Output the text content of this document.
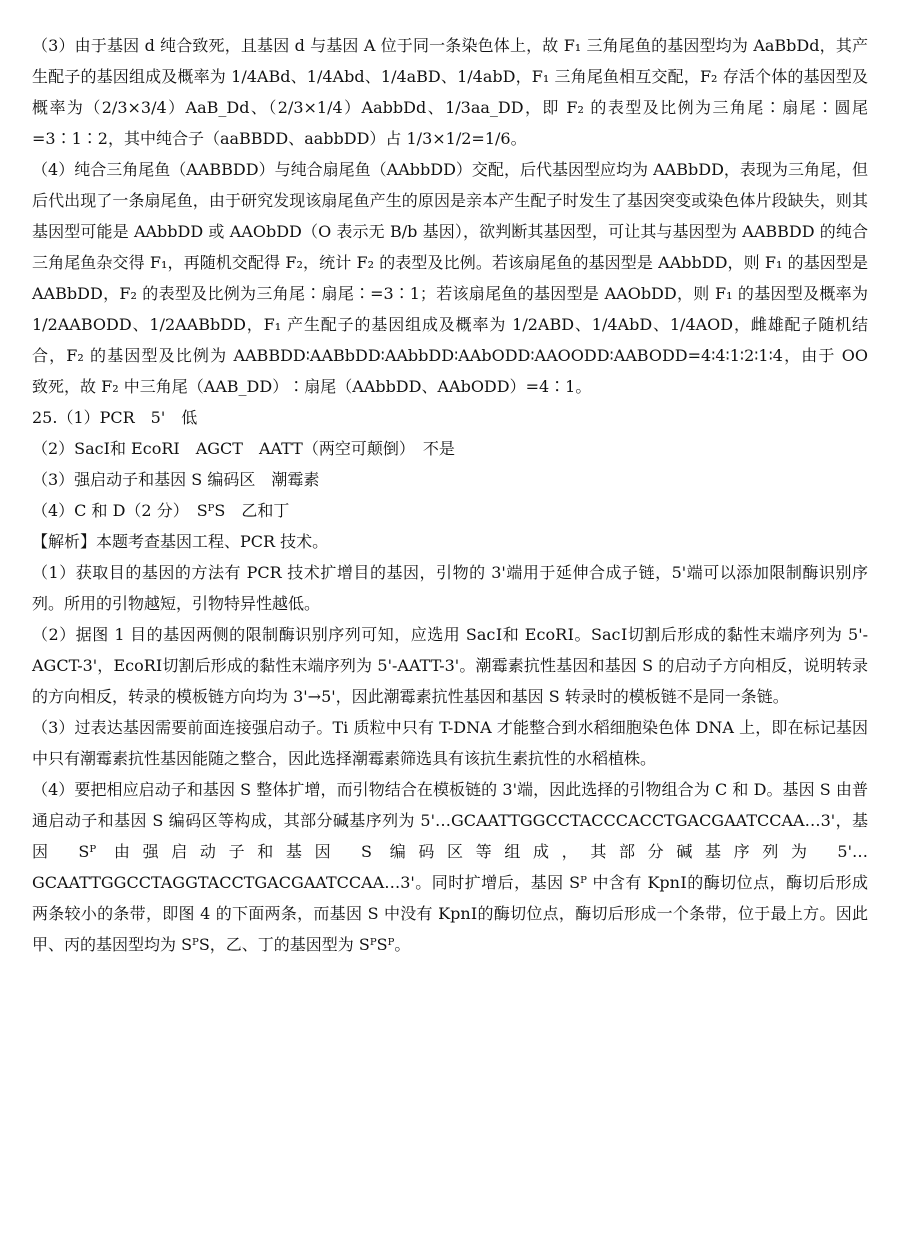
（3）由于基因 d 纯合致死，且基因 d 与基因 A 位于同一条染色体上，故 F₁ 三角尾鱼的基因型均为 AaBbDd，其产生配子的基因组成及概率为 1/4ABd、1/4Abd、1/4aBD、1/4abD，F₁ 三角尾鱼相互交配，F₂ 存活个体的基因型及概率为（2/3×3/4）AaB_Dd、（2/3×1/4）AabbDd、1/3aa_DD，即 F₂ 的表型及比例为三角尾∶扇尾∶圆尾=3∶1∶2，其中纯合子（aaBBDD、aabbDD）占 1/3×1/2=1/6。

（4）纯合三角尾鱼（AABBDD）与纯合扇尾鱼（AAbbDD）交配，后代基因型应均为 AABbDD，表现为三角尾，但后代出现了一条扇尾鱼，由于研究发现该扇尾鱼产生的原因是亲本产生配子时发生了基因突变或染色体片段缺失，则其基因型可能是 AAbbDD 或 AAObDD（O 表示无 B/b 基因），欲判断其基因型，可让其与基因型为 AABBDD 的纯合三角尾鱼杂交得 F₁，再随机交配得 F₂，统计 F₂ 的表型及比例。若该扇尾鱼的基因型是 AAbbDD，则 F₁ 的基因型是 AABbDD，F₂ 的表型及比例为三角尾∶扇尾∶=3∶1；若该扇尾鱼的基因型是 AAObDD，则 F₁ 的基因型及概率为 1/2AABODD、1/2AABbDD，F₁ 产生配子的基因组成及概率为 1/2ABD、1/4AbD、1/4AOD，雌雄配子随机结合，F₂ 的基因型及比例为 AABBDD∶AABbDD∶AAbbDD∶AAbODD∶AAOODD∶AABODD=4∶4∶1∶2∶1∶4，由于 OO 致死，故 F₂ 中三角尾（AAB_DD）∶扇尾（AAbbDD、AAbODD）=4∶1。

25.（1）PCR　5'　低

（2）SacⅠ和 EcoRⅠ　AGCT　AATT（两空可颠倒）　不是

（3）强启动子和基因 S 编码区　潮霉素

（4）C 和 D（2 分）　SᴾS　乙和丁

【解析】本题考查基因工程、PCR 技术。

（1）获取目的基因的方法有 PCR 技术扩增目的基因，引物的 3'端用于延伸合成子链，5'端可以添加限制酶识别序列。所用的引物越短，引物特异性越低。

（2）据图 1 目的基因两侧的限制酶识别序列可知，应选用 SacⅠ和 EcoRⅠ。SacⅠ切割后形成的黏性末端序列为 5'-AGCT-3'，EcoRⅠ切割后形成的黏性末端序列为 5'-AATT-3'。潮霉素抗性基因和基因 S 的启动子方向相反，说明转录的方向相反，转录的模板链方向均为 3'→5'，因此潮霉素抗性基因和基因 S 转录时的模板链不是同一条链。

（3）过表达基因需要前面连接强启动子。Ti 质粒中只有 T-DNA 才能整合到水稻细胞染色体 DNA 上，即在标记基因中只有潮霉素抗性基因能随之整合，因此选择潮霉素筛选具有该抗生素抗性的水稻植株。

（4）要把相应启动子和基因 S 整体扩增，而引物结合在模板链的 3'端，因此选择的引物组合为 C 和 D。基因 S 由普通启动子和基因 S 编码区等构成，其部分碱基序列为 5'…GCAATTGGCCTACCCACCTGACGAATCCAA…3'，基因 Sᴾ 由强启动子和基因 S 编码区等组成，其部分碱基序列为 5'…GCAATTGGCCTAGGTACCTGACGAATCCAA…3'。同时扩增后，基因 Sᴾ 中含有 KpnⅠ的酶切位点，酶切后形成两条较小的条带，即图 4 的下面两条，而基因 S 中没有 KpnⅠ的酶切位点，酶切后形成一个条带，位于最上方。因此甲、丙的基因型均为 SᴾS，乙、丁的基因型为 SᴾSᴾ。
